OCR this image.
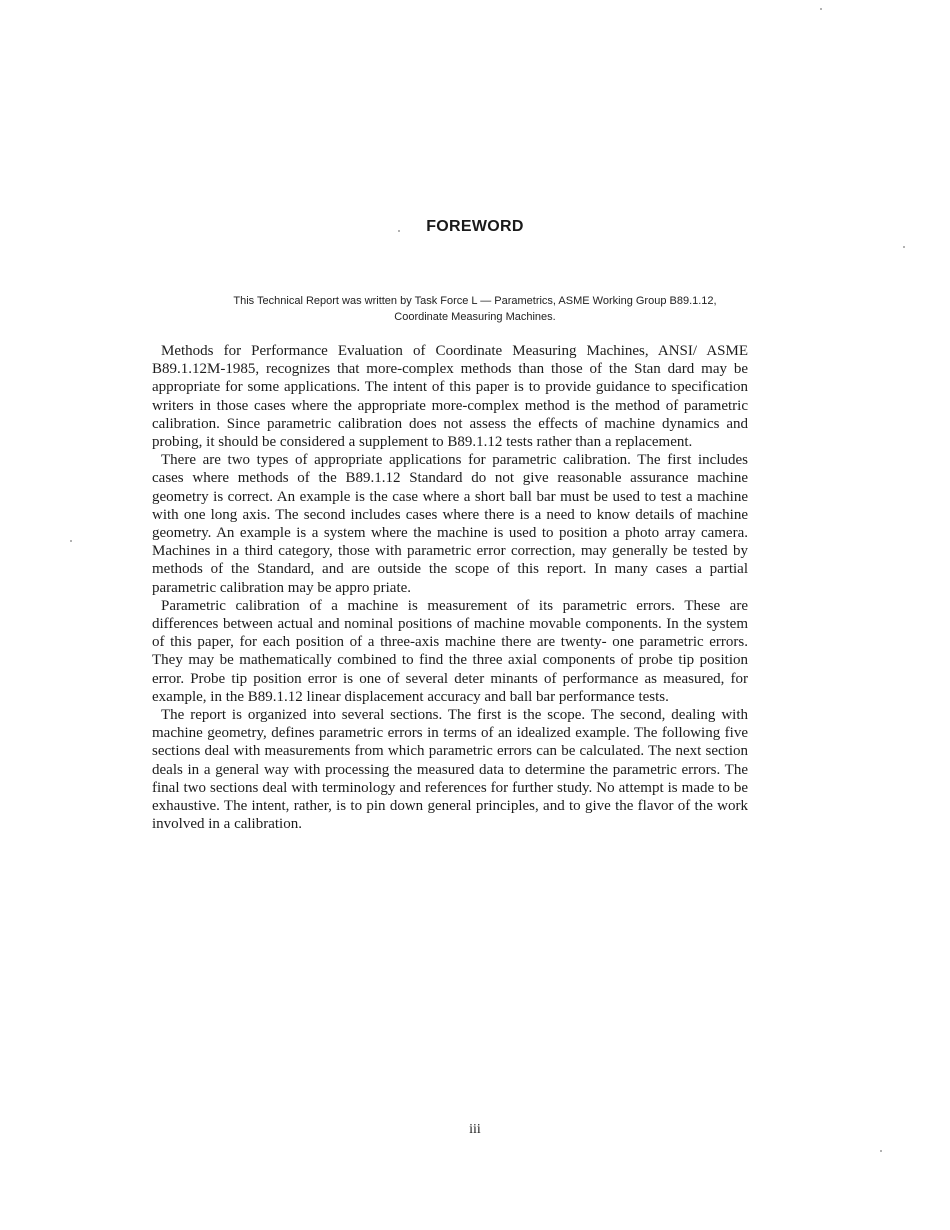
FOREWORD
This Technical Report was written by Task Force L — Parametrics, ASME Working Group B89.1.12,
Coordinate Measuring Machines.

Methods for Performance Evaluation of Coordinate Measuring Machines, ANSI/ ASME B89.1.12M-1985, recognizes that more-complex methods than those of the Stan dard may be appropriate for some applications. The intent of this paper is to provide guidance to specification writers in those cases where the appropriate more-complex method is the method of parametric calibration. Since parametric calibration does not assess the effects of machine dynamics and probing, it should be considered a supplement to B89.1.12 tests rather than a replacement.

There are two types of appropriate applications for parametric calibration. The first includes cases where methods of the B89.1.12 Standard do not give reasonable assurance machine geometry is correct. An example is the case where a short ball bar must be used to test a machine with one long axis. The second includes cases where there is a need to know details of machine geometry. An example is a system where the machine is used to position a photo array camera. Machines in a third category, those with parametric error correction, may generally be tested by methods of the Standard, and are outside the scope of this report. In many cases a partial parametric calibration may be appro priate.

Parametric calibration of a machine is measurement of its parametric errors. These are differences between actual and nominal positions of machine movable components. In the system of this paper, for each position of a three-axis machine there are twenty- one parametric errors. They may be mathematically combined to find the three axial components of probe tip position error. Probe tip position error is one of several deter minants of performance as measured, for example, in the B89.1.12 linear displacement accuracy and ball bar performance tests.

The report is organized into several sections. The first is the scope. The second, dealing with machine geometry, defines parametric errors in terms of an idealized example. The following five sections deal with measurements from which parametric errors can be calculated. The next section deals in a general way with processing the measured data to determine the parametric errors. The final two sections deal with terminology and references for further study. No attempt is made to be exhaustive. The intent, rather, is to pin down general principles, and to give the flavor of the work involved in a calibration.

iii
